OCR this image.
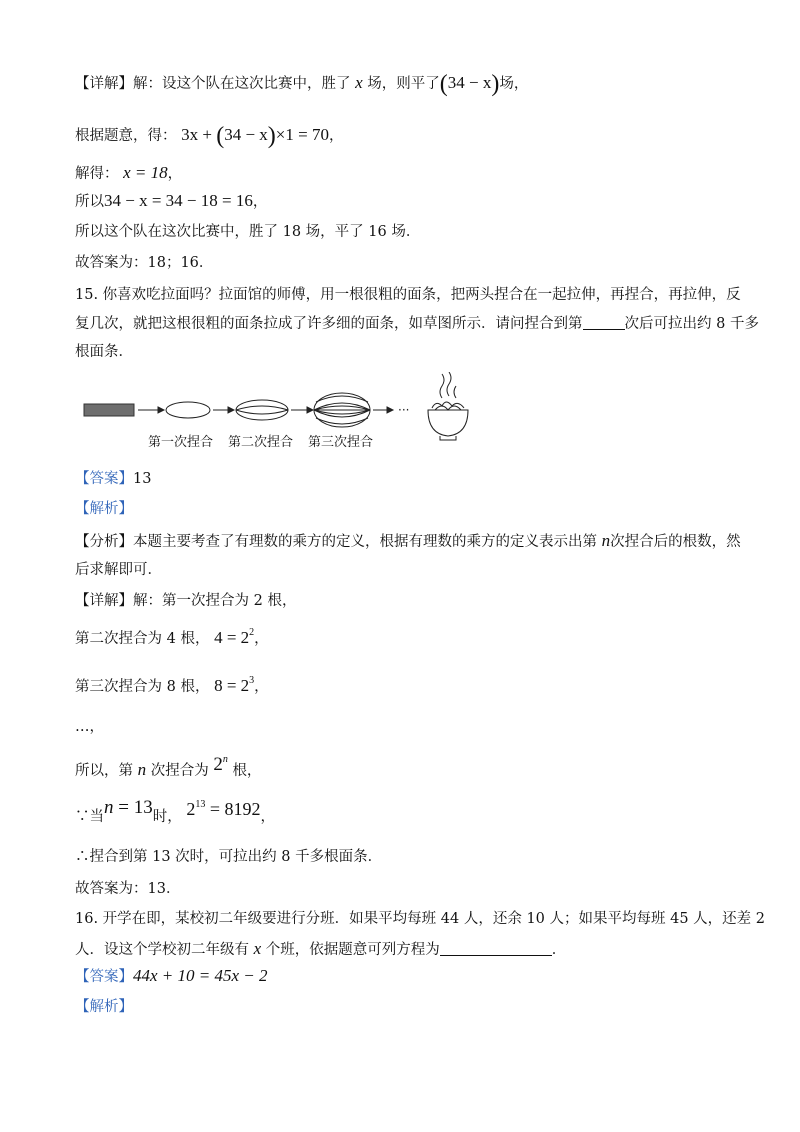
【详解】解：设这个队在这次比赛中，胜了 x 场，则平了(34 − x)场，
根据题意，得： 3x + (34 − x)×1 = 70，
解得： x = 18，
所以34 − x = 34 − 18 = 16，
所以这个队在这次比赛中，胜了 18 场，平了 16 场．
故答案为：18；16．
15. 你喜欢吃拉面吗？拉面馆的师傅，用一根很粗的面条，把两头捏合在一起拉伸，再捏合，再拉伸，反
复几次，就把这根很粗的面条拉成了许多细的面条，如草图所示．请问捏合到第	次后可拉出约 8 千多
根面条．
···
第一次捏合 第二次捏合 第三次捏合
【答案】13
【解析】
【分析】本题主要考查了有理数的乘方的定义，根据有理数的乘方的定义表示出第 n次捏合后的根数，然
后求解即可．
【详解】解：第一次捏合为 2 根，
第二次捏合为 4 根， $4 = 2^2$，
第三次捏合为 8 根， $8 = 2^3$，
…，
所以，第 n 次捏合为 2$^n$ 根，
∵当n = 13时， $2^{13} = 8192$，
∴捏合到第 13 次时，可拉出约 8 千多根面条．
故答案为：13．
16. 开学在即，某校初二年级要进行分班．如果平均每班 44 人，还余 10 人；如果平均每班 45 人，还差 2
人．设这个学校初二年级有 x 个班，依据题意可列方程为	．
【答案】44x + 10 = 45x − 2
【解析】
